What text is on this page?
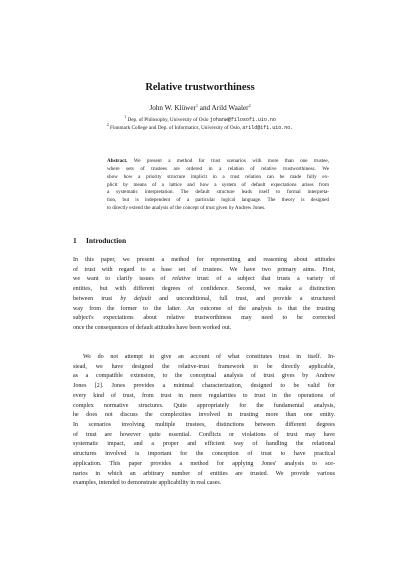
Relative trustworthiness
John W. Klüwer$^1$ and Arild Waaler$^2$
$^1$ Dep. of Philosophy, University of Oslo johanw@filosofi.uio.no
$^2$ Finnmark College and Dep. of Informatics, University of Oslo, arild@ifi.uio.no.
Abstract. We present a method for trust scenarios with more than one trustee,
where sets of trustees are ordered in a relation of relative trustworthiness. We
show how a priority structure implicit in a trust relation can be made fully ex-
plicit by means of a lattice and how a system of default expectations arises from
a systematic interpretation. The default structure leads itself to formal interpreta-
tion, but is independent of a particular logical language. The theory is designed
to directly extend the analysis of the concept of trust given by Andrew Jones.
1 Introduction
In this paper, we present a method for representing and reasoning about attitudes
of trust with regard to a base set of trustees. We have two primary aims. First,
we want to clarify issues of relative trust: of a subject that trusts a variety of
entities, but with different degrees of confidence. Second, we make a distinction
between trust by default and unconditional, full trust, and provide a structured
way from the former to the latter. An outcome of the analysis is that the trusting
subject's expectations about relative trustworthiness may need to be corrected
once the consequences of default attitudes have been worked out.
We do not attempt to give an account of what constitutes trust in itself. In-
stead, we have designed the relative-trust framework to be directly applicable,
as a compatible extension, to the conceptual analysis of trust gives by Andrew
Jones [2]. Jones provides a minimal characterization, designed to be valid for
every kind of trust, from trust in mere regularities to trust in the operations of
complex normative structures. Quite appropriately for the fundamental analysis,
he does not discuss the complexities involved in trusting more than one entity.
In scenarios involving multiple trustees, distinctions between different degrees
of trust are however quite essential. Conflicts or violations of trust may have
systematic impact, and a proper and efficient way of handling the relational
structures involved is important for the conception of trust to have practical
application. This paper provides a method for applying Jones' analysis to sce-
narios in which an arbitrary number of entities are trusted. We provide various
examples, intended to demonstrate applicability in real cases.
